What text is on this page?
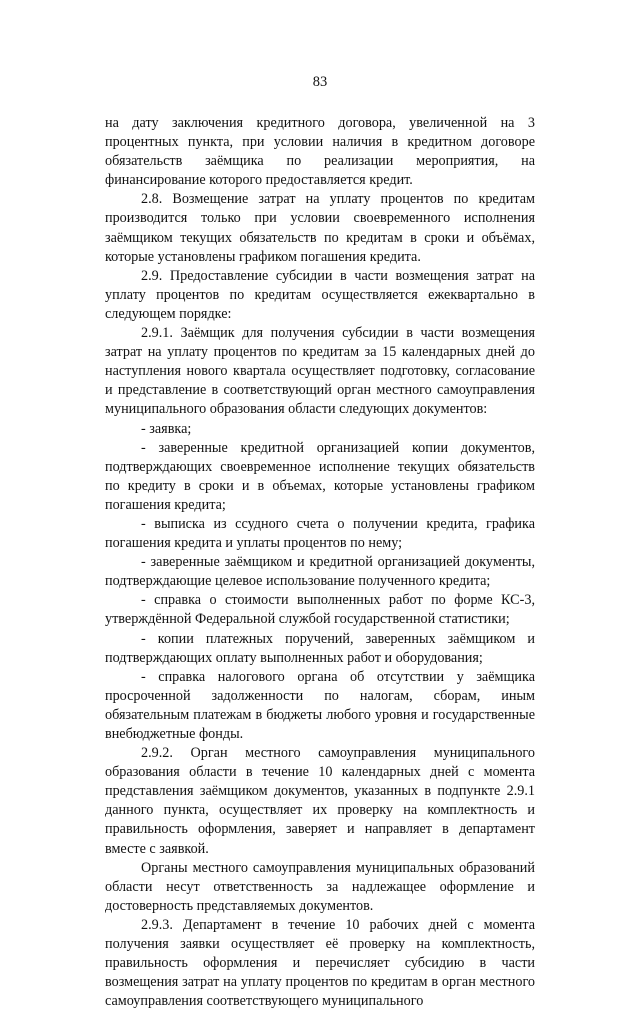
83

на дату заключения кредитного договора, увеличенной на 3 процентных пункта, при условии наличия в кредитном договоре обязательств заёмщика по реализации мероприятия, на финансирование которого предоставляется кредит.

2.8. Возмещение затрат на уплату процентов по кредитам производится только при условии своевременного исполнения заёмщиком текущих обязательств по кредитам в сроки и объёмах, которые установлены графиком погашения кредита.

2.9. Предоставление субсидии в части возмещения затрат на уплату процентов по кредитам осуществляется ежеквартально в следующем порядке:

2.9.1. Заёмщик для получения субсидии в части возмещения затрат на уплату процентов по кредитам за 15 календарных дней до наступления нового квартала осуществляет подготовку, согласование и представление в соответствующий орган местного самоуправления муниципального образования области следующих документов:

- заявка;

- заверенные кредитной организацией копии документов, подтверждающих своевременное исполнение текущих обязательств по кредиту в сроки и в объемах, которые установлены графиком погашения кредита;

- выписка из ссудного счета о получении кредита, графика погашения кредита и уплаты процентов по нему;

- заверенные заёмщиком и кредитной организацией документы, подтверждающие целевое использование полученного кредита;

- справка о стоимости выполненных работ по форме КС-3, утверждённой Федеральной службой государственной статистики;

- копии платежных поручений, заверенных заёмщиком и подтверждающих оплату выполненных работ и оборудования;

- справка налогового органа об отсутствии у заёмщика просроченной задолженности по налогам, сборам, иным обязательным платежам в бюджеты любого уровня и государственные внебюджетные фонды.

2.9.2. Орган местного самоуправления муниципального образования области в течение 10 календарных дней с момента представления заёмщиком документов, указанных в подпункте 2.9.1 данного пункта, осуществляет их проверку на комплектность и правильность оформления, заверяет и направляет в департамент вместе с заявкой.

Органы местного самоуправления муниципальных образований области несут ответственность за надлежащее оформление и достоверность представляемых документов.

2.9.3. Департамент в течение 10 рабочих дней с момента получения заявки осуществляет её проверку на комплектность, правильность оформления и перечисляет субсидию в части возмещения затрат на уплату процентов по кредитам в орган местного самоуправления соответствующего муниципального
